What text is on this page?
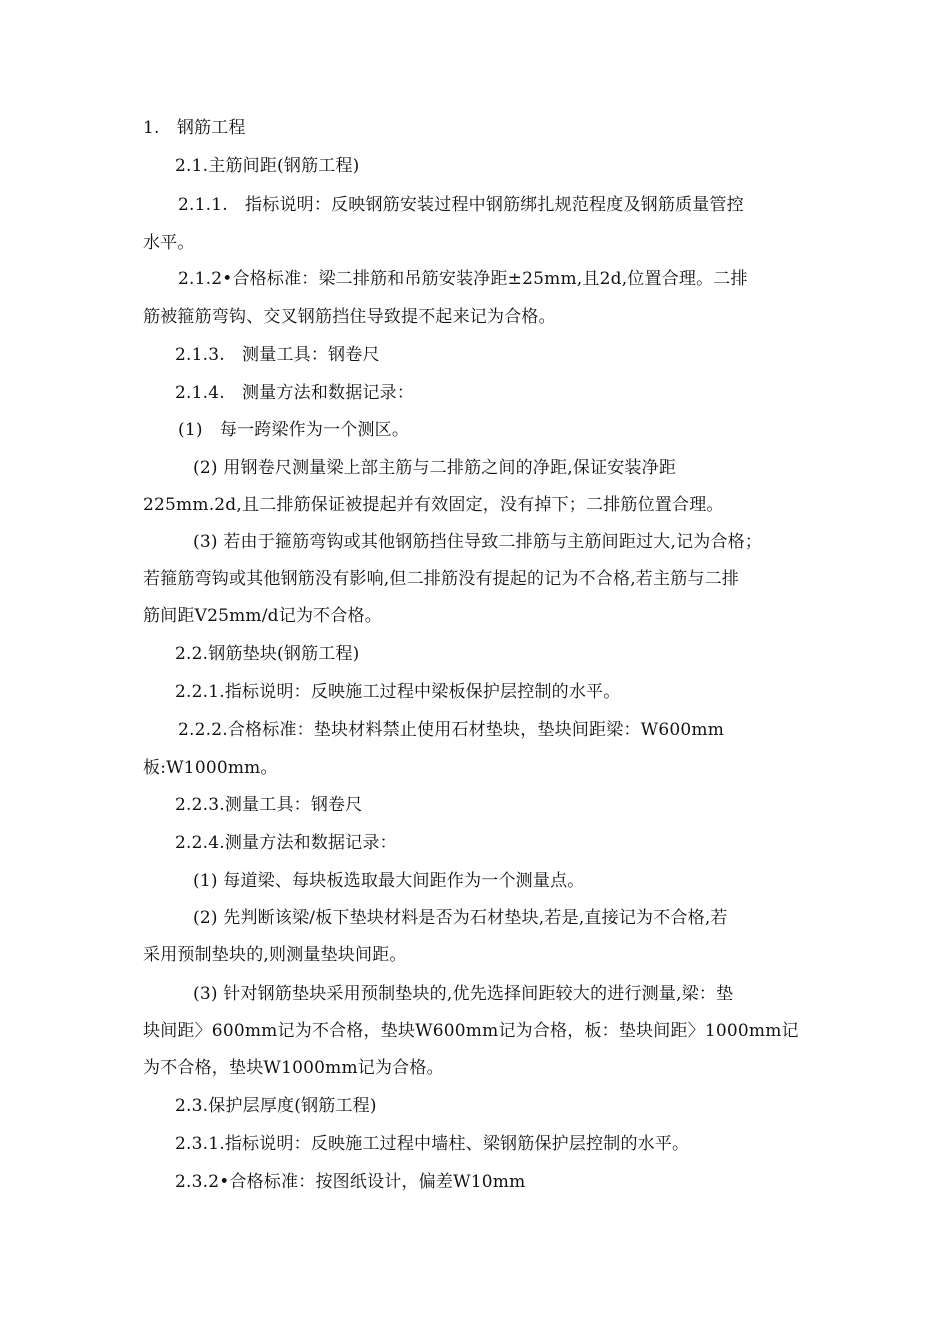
1.　钢筋工程
2.1.主筋间距(钢筋工程)
2.1.1.　指标说明：反映钢筋安装过程中钢筋绑扎规范程度及钢筋质量管控
水平。
2.1.2•合格标准：梁二排筋和吊筋安装净距±25mm,且2d,位置合理。二排
筋被箍筋弯钩、交叉钢筋挡住导致提不起来记为合格。
2.1.3.　测量工具：钢卷尺
2.1.4.　测量方法和数据记录：
(1)　每一跨梁作为一个测区。
(2) 用钢卷尺测量梁上部主筋与二排筋之间的净距,保证安装净距
225mm.2d,且二排筋保证被提起并有效固定，没有掉下；二排筋位置合理。
(3) 若由于箍筋弯钩或其他钢筋挡住导致二排筋与主筋间距过大,记为合格；
若箍筋弯钩或其他钢筋没有影响,但二排筋没有提起的记为不合格,若主筋与二排
筋间距V25mm/d记为不合格。
2.2.钢筋垫块(钢筋工程)
2.2.1.指标说明：反映施工过程中梁板保护层控制的水平。
2.2.2.合格标准：垫块材料禁止使用石材垫块，垫块间距梁：W600mm
板:W1000mm。
2.2.3.测量工具：钢卷尺
2.2.4.测量方法和数据记录：
(1) 每道梁、每块板选取最大间距作为一个测量点。
(2) 先判断该梁/板下垫块材料是否为石材垫块,若是,直接记为不合格,若
采用预制垫块的,则测量垫块间距。
(3) 针对钢筋垫块采用预制垫块的,优先选择间距较大的进行测量,梁：垫
块间距〉600mm记为不合格，垫块W600mm记为合格，板：垫块间距〉1000mm记
为不合格，垫块W1000mm记为合格。
2.3.保护层厚度(钢筋工程)
2.3.1.指标说明：反映施工过程中墙柱、梁钢筋保护层控制的水平。
2.3.2•合格标准：按图纸设计，偏差W10mm
